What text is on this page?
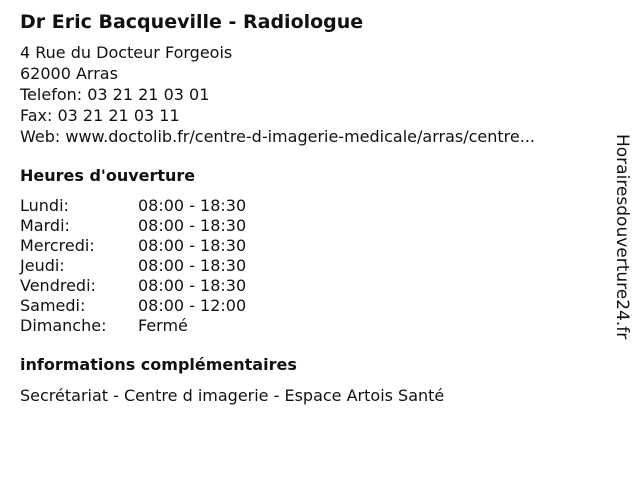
Dr Eric Bacqueville - Radiologue
4 Rue du Docteur Forgeois
62000 Arras
Telefon: 03 21 21 03 01
Fax: 03 21 21 03 11
Web: www.doctolib.fr/centre-d-imagerie-medicale/arras/centre...
Heures d'ouverture
Lundi:	08:00 - 18:30
Mardi:	08:00 - 18:30
Mercredi:	08:00 - 18:30
Jeudi:	08:00 - 18:30
Vendredi:	08:00 - 18:30
Samedi:	08:00 - 12:00
Dimanche:	Fermé
informations complémentaires
Secrétariat - Centre d imagerie - Espace Artois Santé
Horairesdouverture24.fr
